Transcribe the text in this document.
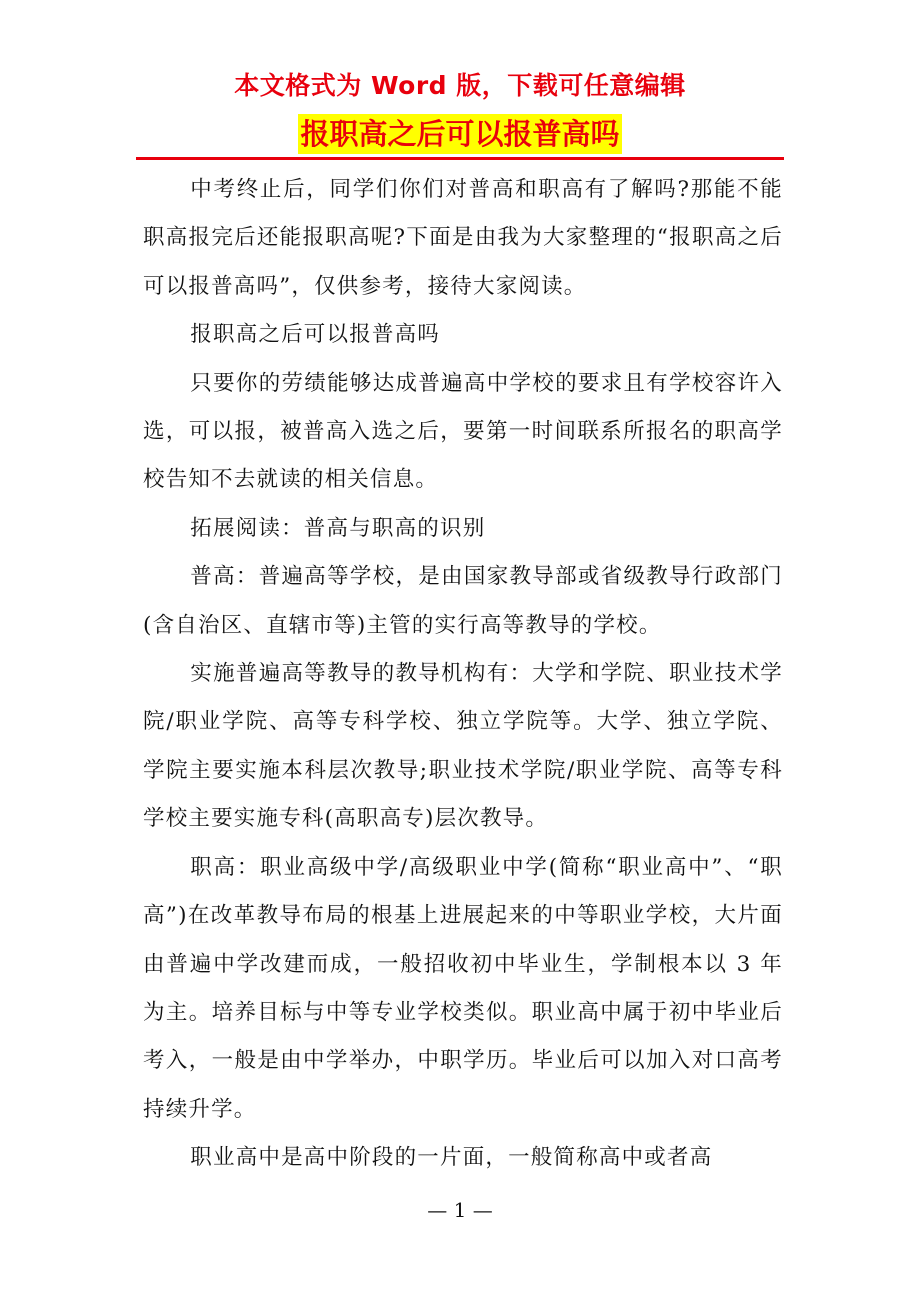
本文格式为 Word 版，下载可任意编辑
报职高之后可以报普高吗

中考终止后，同学们你们对普高和职高有了解吗?那能不能职高报完后还能报职高呢?下面是由我为大家整理的“报职高之后可以报普高吗”，仅供参考，接待大家阅读。

报职高之后可以报普高吗

只要你的劳绩能够达成普遍高中学校的要求且有学校容许入选，可以报，被普高入选之后，要第一时间联系所报名的职高学校告知不去就读的相关信息。

拓展阅读：普高与职高的识别

普高：普遍高等学校，是由国家教导部或省级教导行政部门(含自治区、直辖市等)主管的实行高等教导的学校。

实施普遍高等教导的教导机构有：大学和学院、职业技术学院/职业学院、高等专科学校、独立学院等。大学、独立学院、学院主要实施本科层次教导;职业技术学院/职业学院、高等专科学校主要实施专科(高职高专)层次教导。

职高：职业高级中学/高级职业中学(简称“职业高中”、“职高”)在改革教导布局的根基上进展起来的中等职业学校，大片面由普遍中学改建而成，一般招收初中毕业生，学制根本以 3 年为主。培养目标与中等专业学校类似。职业高中属于初中毕业后考入，一般是由中学举办，中职学历。毕业后可以加入对口高考持续升学。

职业高中是高中阶段的一片面，一般简称高中或者高

— 1 —
